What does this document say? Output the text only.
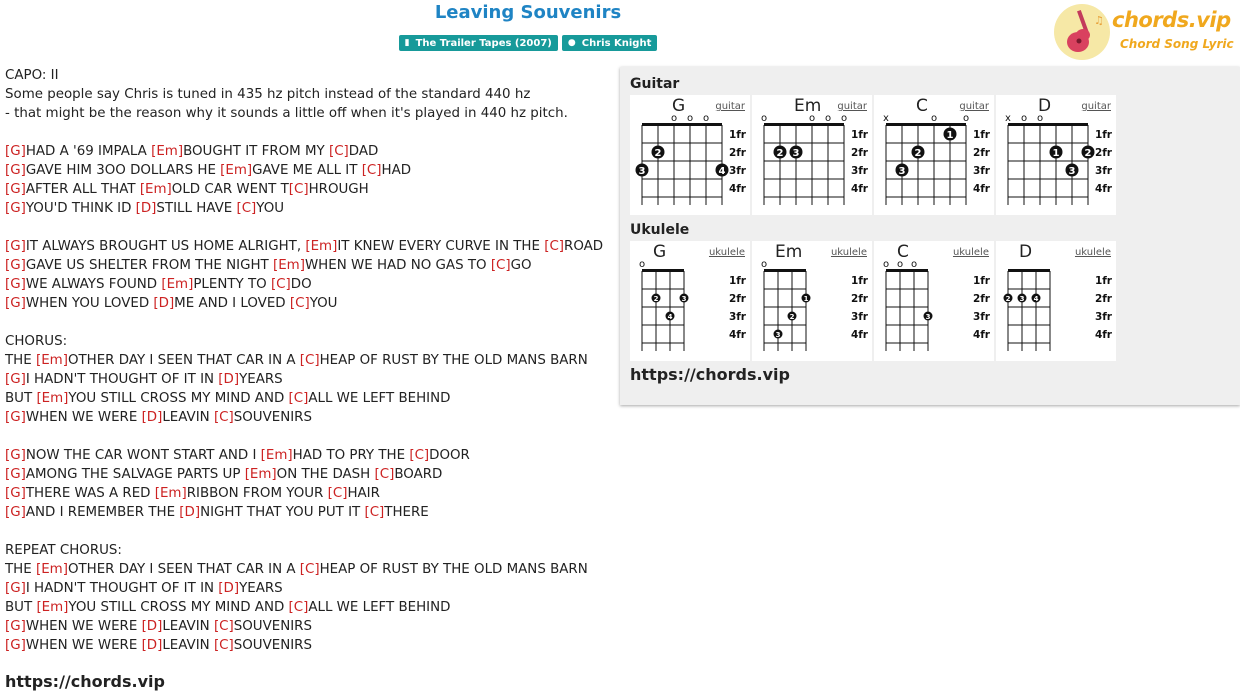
Leaving Souvenirs
▮ The Trailer Tapes (2007) ● Chris Knight
♫ chords.vip
Chord Song Lyric
CAPO: II
Some people say Chris is tuned in 435 hz pitch instead of the standard 440 hz
- that might be the reason why it sounds a little off when it's played in 440 hz pitch.
[G]HAD A '69 IMPALA [Em]BOUGHT IT FROM MY [C]DAD
[G]GAVE HIM 3OO DOLLARS HE [Em]GAVE ME ALL IT [C]HAD
[G]AFTER ALL THAT [Em]OLD CAR WENT T[C]HROUGH
[G]YOU'D THINK ID [D]STILL HAVE [C]YOU
[G]IT ALWAYS BROUGHT US HOME ALRIGHT, [Em]IT KNEW EVERY CURVE IN THE [C]ROAD
[G]GAVE US SHELTER FROM THE NIGHT [Em]WHEN WE HAD NO GAS TO [C]GO
[G]WE ALWAYS FOUND [Em]PLENTY TO [C]DO
[G]WHEN YOU LOVED [D]ME AND I LOVED [C]YOU
CHORUS:
THE [Em]OTHER DAY I SEEN THAT CAR IN A [C]HEAP OF RUST BY THE OLD MANS BARN
[G]I HADN'T THOUGHT OF IT IN [D]YEARS
BUT [Em]YOU STILL CROSS MY MIND AND [C]ALL WE LEFT BEHIND
[G]WHEN WE WERE [D]LEAVIN [C]SOUVENIRS
[G]NOW THE CAR WONT START AND I [Em]HAD TO PRY THE [C]DOOR
[G]AMONG THE SALVAGE PARTS UP [Em]ON THE DASH [C]BOARD
[G]THERE WAS A RED [Em]RIBBON FROM YOUR [C]HAIR
[G]AND I REMEMBER THE [D]NIGHT THAT YOU PUT IT [C]THERE
REPEAT CHORUS:
THE [Em]OTHER DAY I SEEN THAT CAR IN A [C]HEAP OF RUST BY THE OLD MANS BARN
[G]I HADN'T THOUGHT OF IT IN [D]YEARS
BUT [Em]YOU STILL CROSS MY MIND AND [C]ALL WE LEFT BEHIND
[G]WHEN WE WERE [D]LEAVIN [C]SOUVENIRS
[G]WHEN WE WERE [D]LEAVIN [C]SOUVENIRS
https://chords.vip
Guitar
o o o
2
3	4
1fr
2fr
3fr
4fr
G	guitar
o	o o o
2 3
1fr
2fr
3fr
4fr
Em guitar
x	o	o
1
2
3
1fr
2fr
3fr
4fr
C	guitar
x o o
1	2
3
1fr
2fr
3fr
4fr
D	guitar
Ukulele
o
2	3
4
1fr
2fr
3fr
4fr
G	ukulele
o
1
2
3
1fr
2fr
3fr
4fr
Em	ukulele
o o o
3
1fr
2fr
3fr
4fr
C	ukulele
2 3 4
1fr
2fr
3fr
4fr
D	ukulele
https://chords.vip
